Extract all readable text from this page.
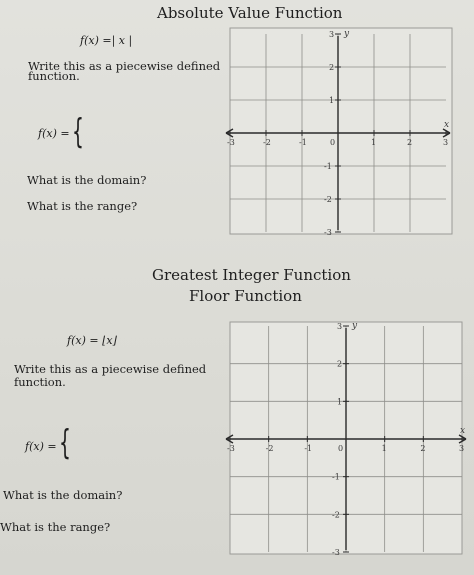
Absolute Value Function
f(x) =| x |
Write this as a piecewise defined
function.
f(x) = {
What is the domain?
What is the range?
-3	-2	-1	0	1	2	3
3
2
1
-1
-2
-3
x
y
Greatest Integer Function
Floor Function
f(x) = ⌊x⌋
Write this as a piecewise defined
function.
f(x) = {
What is the domain?
What is the range?
-3	-2	-1	0	1	2	3
3
2
1
-1
-2
-3
x
y
